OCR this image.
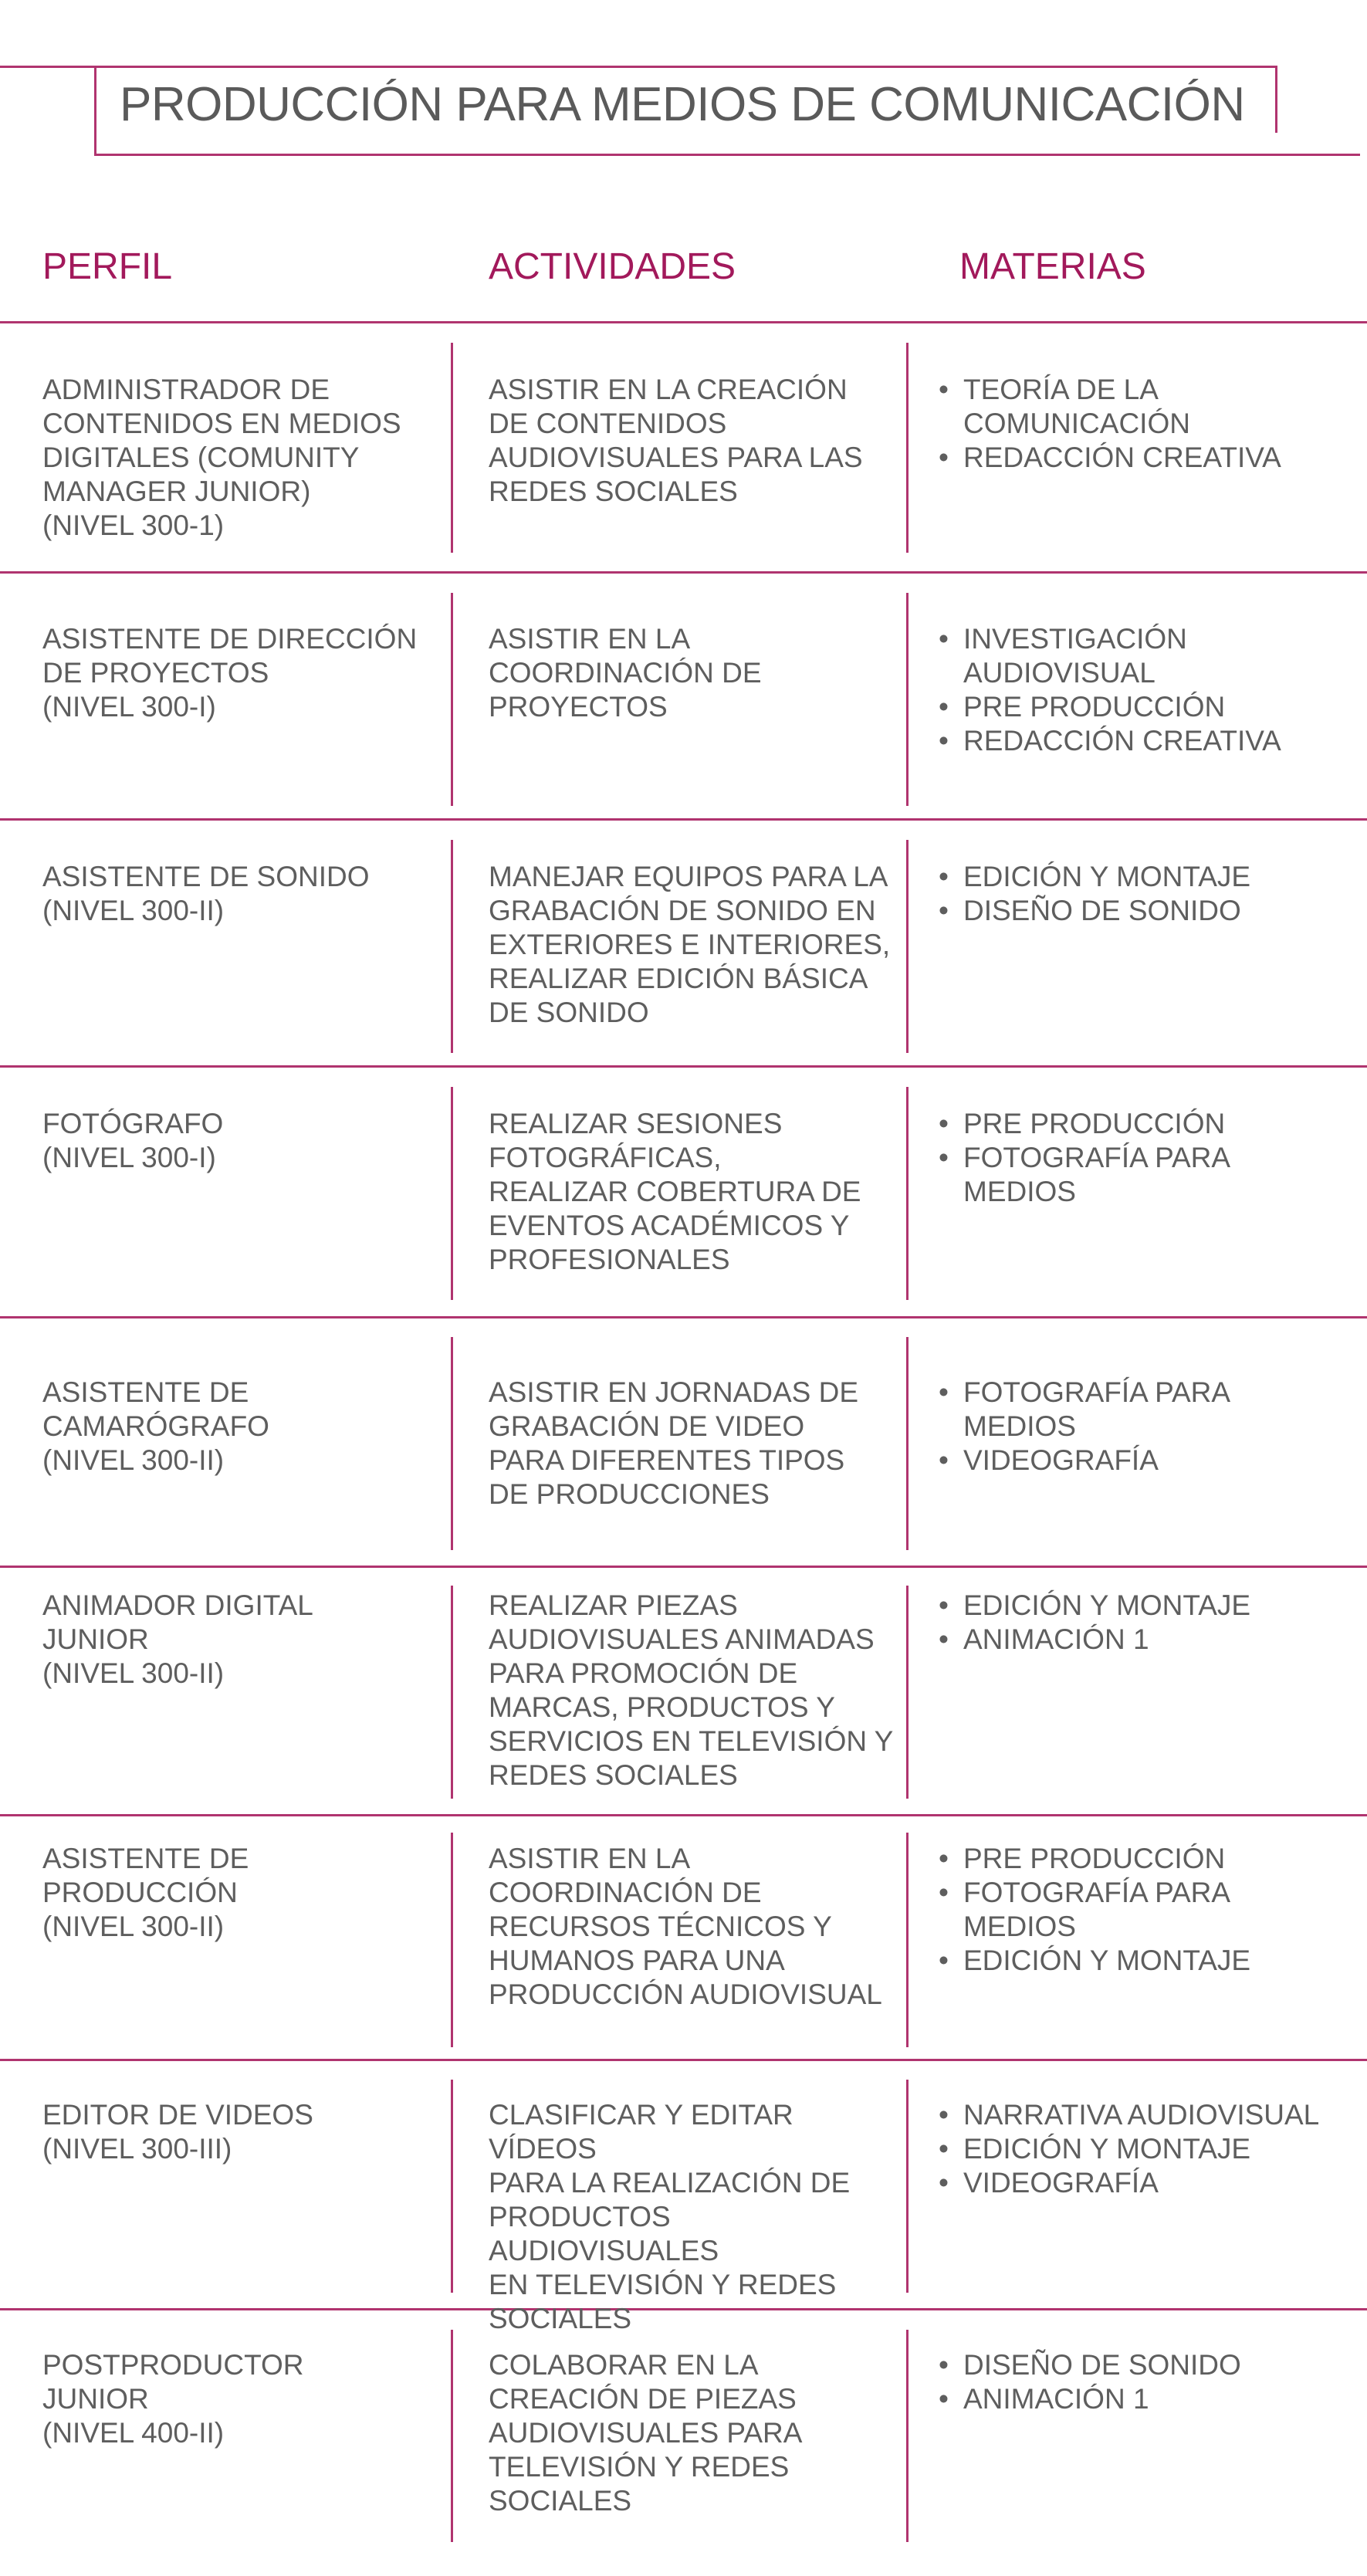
PRODUCCIÓN PARA MEDIOS DE COMUNICACIÓN
PERFIL	ACTIVIDADES	MATERIAS
ADMINISTRADOR DE
CONTENIDOS EN MEDIOS
DIGITALES (COMUNITY
MANAGER JUNIOR)
(NIVEL 300-1)
ASISTIR EN LA CREACIÓN
DE CONTENIDOS
AUDIOVISUALES PARA LAS
REDES SOCIALES
• TEORÍA DE LA
COMUNICACIÓN
• REDACCIÓN CREATIVA
ASISTENTE DE DIRECCIÓN
DE PROYECTOS
(NIVEL 300-I)
ASISTIR EN LA
COORDINACIÓN DE
PROYECTOS
• INVESTIGACIÓN
AUDIOVISUAL
• PRE PRODUCCIÓN
• REDACCIÓN CREATIVA
ASISTENTE DE SONIDO
(NIVEL 300-II)
MANEJAR EQUIPOS PARA LA
GRABACIÓN DE SONIDO EN
EXTERIORES E INTERIORES,
REALIZAR EDICIÓN BÁSICA
DE SONIDO
• EDICIÓN Y MONTAJE
• DISEÑO DE SONIDO
FOTÓGRAFO
(NIVEL 300-I)
REALIZAR SESIONES
FOTOGRÁFICAS,
REALIZAR COBERTURA DE
EVENTOS ACADÉMICOS Y
PROFESIONALES
• PRE PRODUCCIÓN
• FOTOGRAFÍA PARA
MEDIOS
ASISTENTE DE
CAMARÓGRAFO
(NIVEL 300-II)
ASISTIR EN JORNADAS DE
GRABACIÓN DE VIDEO
PARA DIFERENTES TIPOS
DE PRODUCCIONES
• FOTOGRAFÍA PARA
MEDIOS
• VIDEOGRAFÍA
ANIMADOR DIGITAL
JUNIOR
(NIVEL 300-II)
REALIZAR PIEZAS
AUDIOVISUALES ANIMADAS
PARA PROMOCIÓN DE
MARCAS, PRODUCTOS Y
SERVICIOS EN TELEVISIÓN Y
REDES SOCIALES
• EDICIÓN Y MONTAJE
• ANIMACIÓN 1
ASISTENTE DE PRODUCCIÓN
(NIVEL 300-II)
ASISTIR EN LA
COORDINACIÓN DE
RECURSOS TÉCNICOS Y
HUMANOS PARA UNA
PRODUCCIÓN AUDIOVISUAL
• PRE PRODUCCIÓN
• FOTOGRAFÍA PARA
MEDIOS
• EDICIÓN Y MONTAJE
EDITOR DE VIDEOS
(NIVEL 300-III)
CLASIFICAR Y EDITAR VÍDEOS
PARA LA REALIZACIÓN DE
PRODUCTOS AUDIOVISUALES
EN TELEVISIÓN Y REDES
SOCIALES
• NARRATIVA AUDIOVISUAL
• EDICIÓN Y MONTAJE
• VIDEOGRAFÍA
POSTPRODUCTOR
JUNIOR
(NIVEL 400-II)
COLABORAR EN LA
CREACIÓN DE PIEZAS
AUDIOVISUALES PARA
TELEVISIÓN Y REDES
SOCIALES
• DISEÑO DE SONIDO
• ANIMACIÓN 1
